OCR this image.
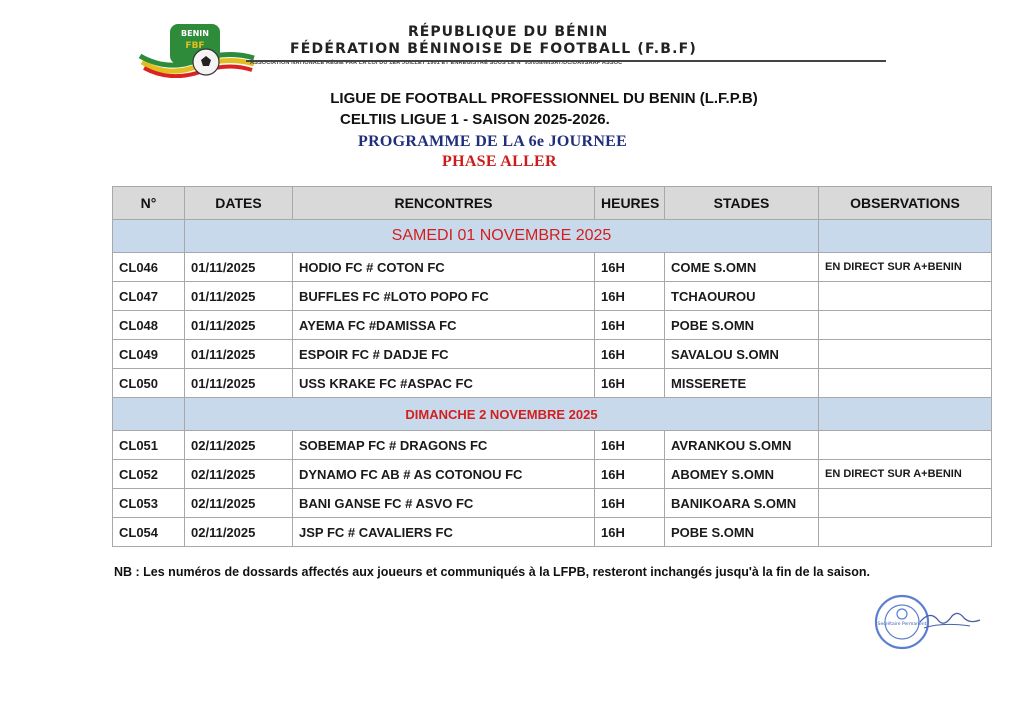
BENIN
FBF
RÉPUBLIQUE DU BÉNIN
FÉDÉRATION BÉNINOISE DE FOOTBALL (F.B.F)
ASSOCIATION NATIONALE RÉGIE PAR LA LOI DU 1ER JUILLET 1901 ET ENREGISTRÉ SOUS LE N° 93/038/MISAT/DC/DAI/SAAP ASSOC
LIGUE DE FOOTBALL PROFESSIONNEL DU BENIN (L.F.P.B)
CELTIIS LIGUE 1 - SAISON 2025-2026.
PROGRAMME DE LA 6e JOURNEE
PHASE ALLER
N°	DATES	RENCONTRES	HEURES	STADES	OBSERVATIONS
	SAMEDI 01 NOVEMBRE 2025				
CL046	01/11/2025	HODIO FC # COTON FC	16H	COME S.OMN	EN DIRECT SUR A+BENIN
CL047	01/11/2025	BUFFLES FC #LOTO POPO FC	16H	TCHAOUROU	
CL048	01/11/2025	AYEMA FC #DAMISSA FC	16H	POBE S.OMN	
CL049	01/11/2025	ESPOIR FC # DADJE FC	16H	SAVALOU S.OMN	
CL050	01/11/2025	USS KRAKE FC #ASPAC FC	16H	MISSERETE	
	DIMANCHE 2 NOVEMBRE 2025				
CL051	02/11/2025	SOBEMAP FC # DRAGONS FC	16H	AVRANKOU S.OMN	
CL052	02/11/2025	DYNAMO FC AB # AS COTONOU FC	16H	ABOMEY S.OMN	EN DIRECT SUR A+BENIN
CL053	02/11/2025	BANI GANSE FC # ASVO FC	16H	BANIKOARA S.OMN	
CL054	02/11/2025	JSP FC # CAVALIERS FC	16H	POBE S.OMN	
NB : Les numéros de dossards affectés aux joueurs et communiqués à la LFPB, resteront inchangés jusqu'à la fin de la saison.
Secrétaire Permanent
